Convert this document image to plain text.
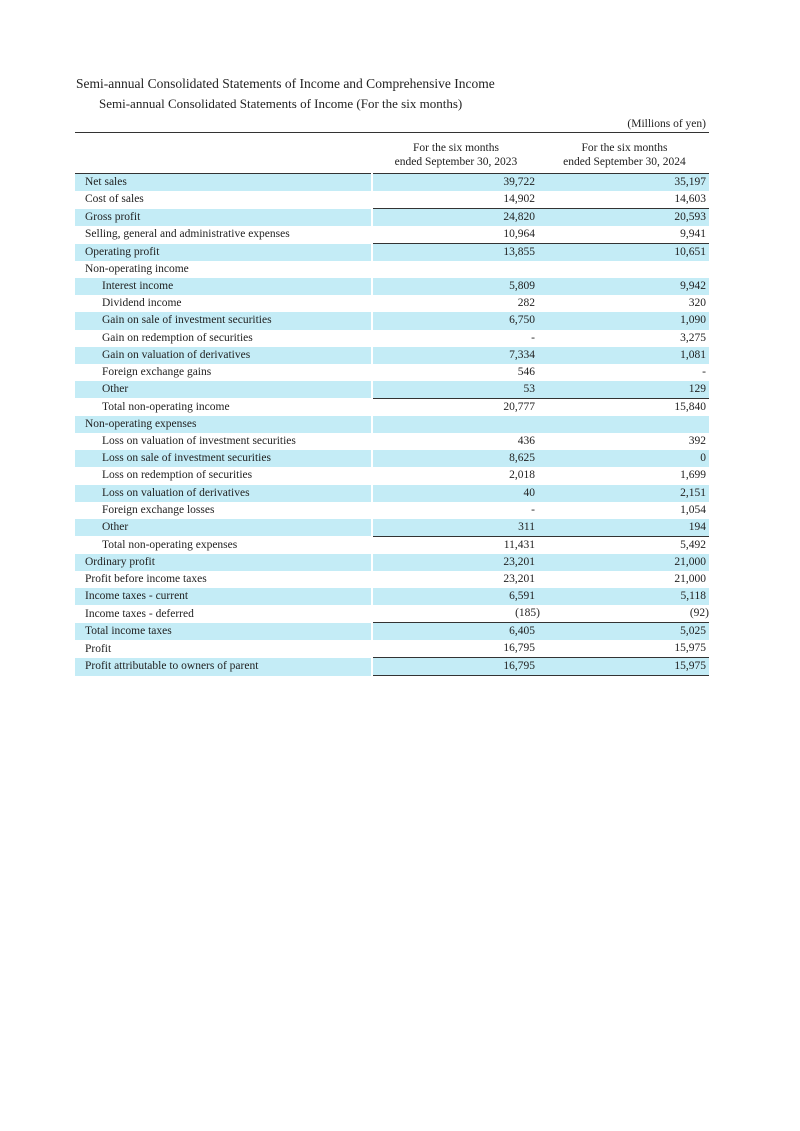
Semi-annual Consolidated Statements of Income and Comprehensive Income
Semi-annual Consolidated Statements of Income (For the six months)
(Millions of yen)
For the six months
ended September 30, 2023
For the six months
ended September 30, 2024
Net sales	39,722	35,197
Cost of sales	14,902	14,603
Gross profit	24,820	20,593
Selling, general and administrative expenses	10,964	9,941
Operating profit	13,855	10,651
Non-operating income		
Interest income	5,809	9,942
Dividend income	282	320
Gain on sale of investment securities	6,750	1,090
Gain on redemption of securities	-	3,275
Gain on valuation of derivatives	7,334	1,081
Foreign exchange gains	546	-
Other	53	129
Total non-operating income	20,777	15,840
Non-operating expenses		
Loss on valuation of investment securities	436	392
Loss on sale of investment securities	8,625	0
Loss on redemption of securities	2,018	1,699
Loss on valuation of derivatives	40	2,151
Foreign exchange losses	-	1,054
Other	311	194
Total non-operating expenses	11,431	5,492
Ordinary profit	23,201	21,000
Profit before income taxes	23,201	21,000
Income taxes - current	6,591	5,118
Income taxes - deferred	(185)	(92)
Total income taxes	6,405	5,025
Profit	16,795	15,975
Profit attributable to owners of parent	16,795	15,975
